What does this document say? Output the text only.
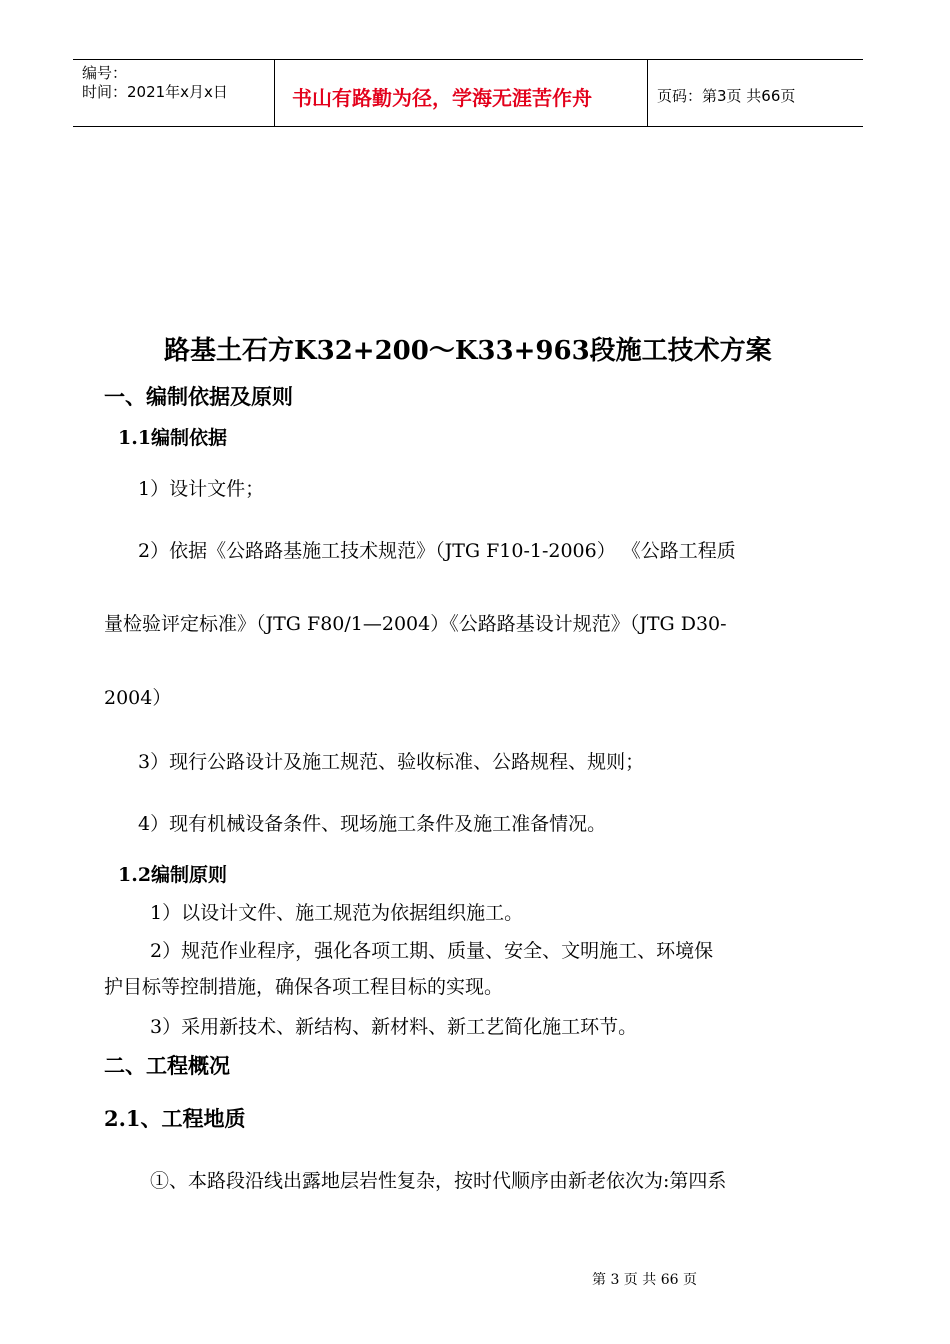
编号：

时间：2021年x月x日	书山有路勤为径，学海无涯苦作舟	页码：第3页 共66页

路基土石方K32+200～K33+963段施工技术方案

一、编制依据及原则

1.1编制依据

1）设计文件；

2）依据《公路路基施工技术规范》（JTG F10-1-2006） 《公路工程质

量检验评定标准》（JTG F80/1—2004）《公路路基设计规范》（JTG D30-

2004）

3）现行公路设计及施工规范、验收标准、公路规程、规则；

4）现有机械设备条件、现场施工条件及施工准备情况。

1.2编制原则

1）以设计文件、施工规范为依据组织施工。

2）规范作业程序，强化各项工期、质量、安全、文明施工、环境保

护目标等控制措施，确保各项工程目标的实现。

3）采用新技术、新结构、新材料、新工艺简化施工环节。

二、工程概况

2.1、工程地质

①、本路段沿线出露地层岩性复杂，按时代顺序由新老依次为:第四系

第 3 页 共 66 页
